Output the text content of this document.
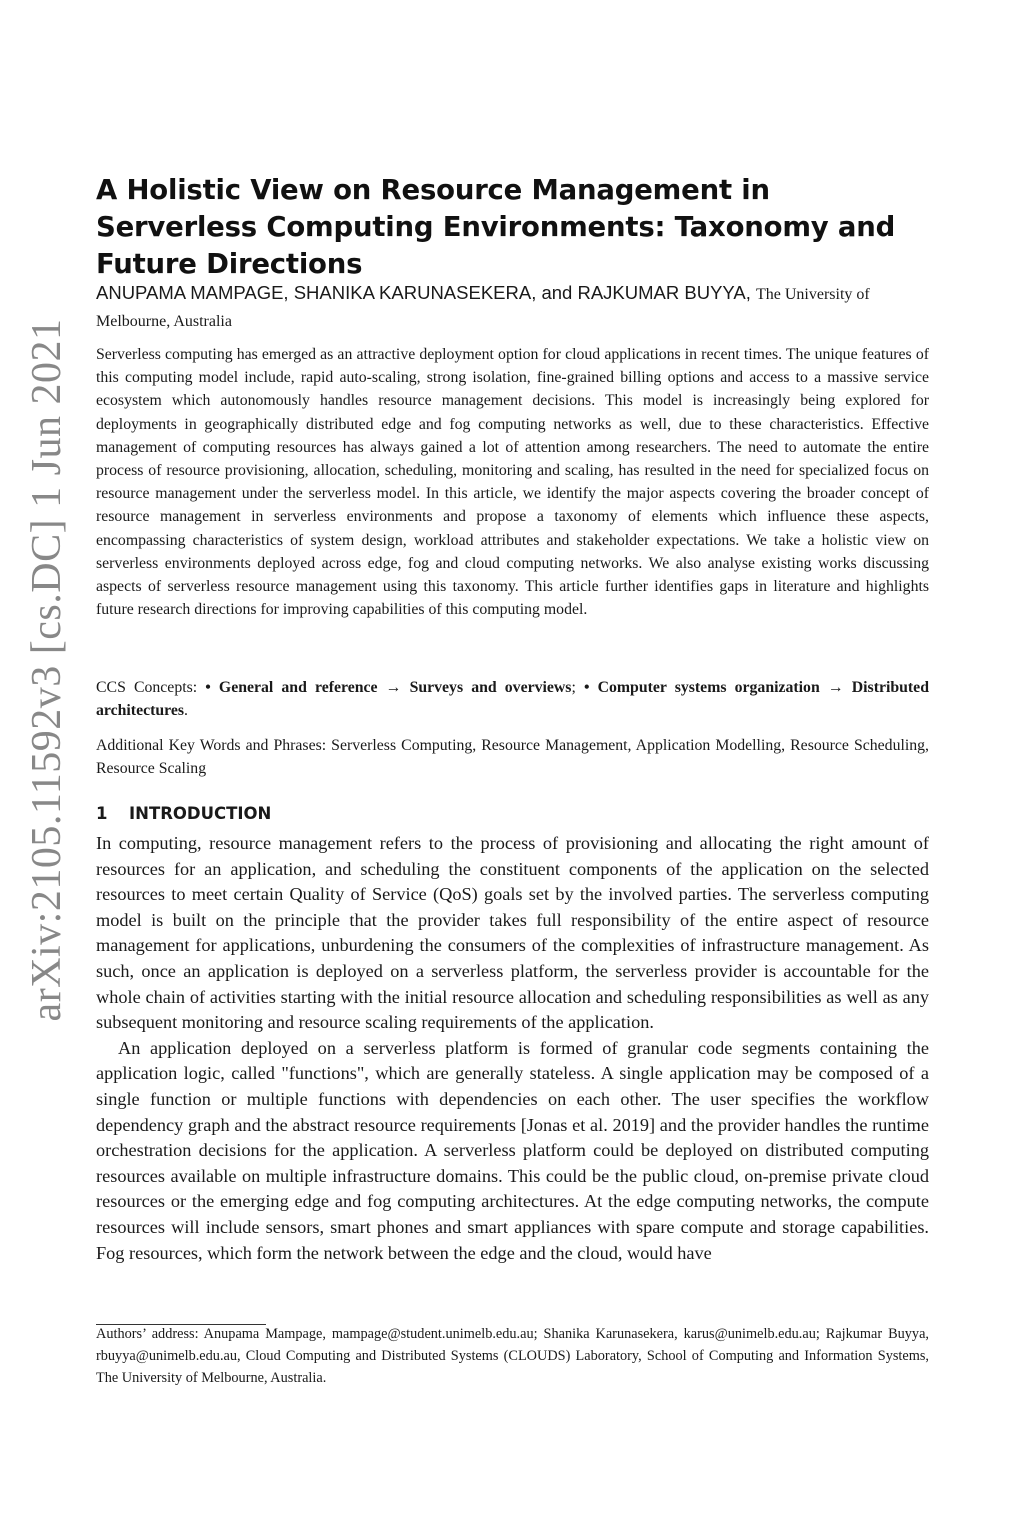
arXiv:2105.11592v3 [cs.DC] 1 Jun 2021
A Holistic View on Resource Management in Serverless Computing Environments: Taxonomy and Future Directions
ANUPAMA MAMPAGE, SHANIKA KARUNASEKERA, and RAJKUMAR BUYYA, The University of Melbourne, Australia

Serverless computing has emerged as an attractive deployment option for cloud applications in recent times. The unique features of this computing model include, rapid auto-scaling, strong isolation, fine-grained billing options and access to a massive service ecosystem which autonomously handles resource management decisions. This model is increasingly being explored for deployments in geographically distributed edge and fog computing networks as well, due to these characteristics. Effective management of computing resources has always gained a lot of attention among researchers. The need to automate the entire process of resource provisioning, allocation, scheduling, monitoring and scaling, has resulted in the need for specialized focus on resource management under the serverless model. In this article, we identify the major aspects covering the broader concept of resource management in serverless environments and propose a taxonomy of elements which influence these aspects, encompassing characteristics of system design, workload attributes and stakeholder expectations. We take a holistic view on serverless environments deployed across edge, fog and cloud computing networks. We also analyse existing works discussing aspects of serverless resource management using this taxonomy. This article further identifies gaps in literature and highlights future research directions for improving capabilities of this computing model.

CCS Concepts: • General and reference → Surveys and overviews; • Computer systems organization → Distributed architectures.

Additional Key Words and Phrases: Serverless Computing, Resource Management, Application Modelling, Resource Scheduling, Resource Scaling

1 INTRODUCTION

In computing, resource management refers to the process of provisioning and allocating the right amount of resources for an application, and scheduling the constituent components of the application on the selected resources to meet certain Quality of Service (QoS) goals set by the involved parties. The serverless computing model is built on the principle that the provider takes full responsibility of the entire aspect of resource management for applications, unburdening the consumers of the complexities of infrastructure management. As such, once an application is deployed on a serverless platform, the serverless provider is accountable for the whole chain of activities starting with the initial resource allocation and scheduling responsibilities as well as any subsequent monitoring and resource scaling requirements of the application.

An application deployed on a serverless platform is formed of granular code segments containing the application logic, called "functions", which are generally stateless. A single application may be composed of a single function or multiple functions with dependencies on each other. The user specifies the workflow dependency graph and the abstract resource requirements [Jonas et al. 2019] and the provider handles the runtime orchestration decisions for the application. A serverless platform could be deployed on distributed computing resources available on multiple infrastructure domains. This could be the public cloud, on-premise private cloud resources or the emerging edge and fog computing architectures. At the edge computing networks, the compute resources will include sensors, smart phones and smart appliances with spare compute and storage capabilities. Fog resources, which form the network between the edge and the cloud, would have

Authors’ address: Anupama Mampage, mampage@student.unimelb.edu.au; Shanika Karunasekera, karus@unimelb.edu.au; Rajkumar Buyya, rbuyya@unimelb.edu.au, Cloud Computing and Distributed Systems (CLOUDS) Laboratory, School of Computing and Information Systems, The University of Melbourne, Australia.
